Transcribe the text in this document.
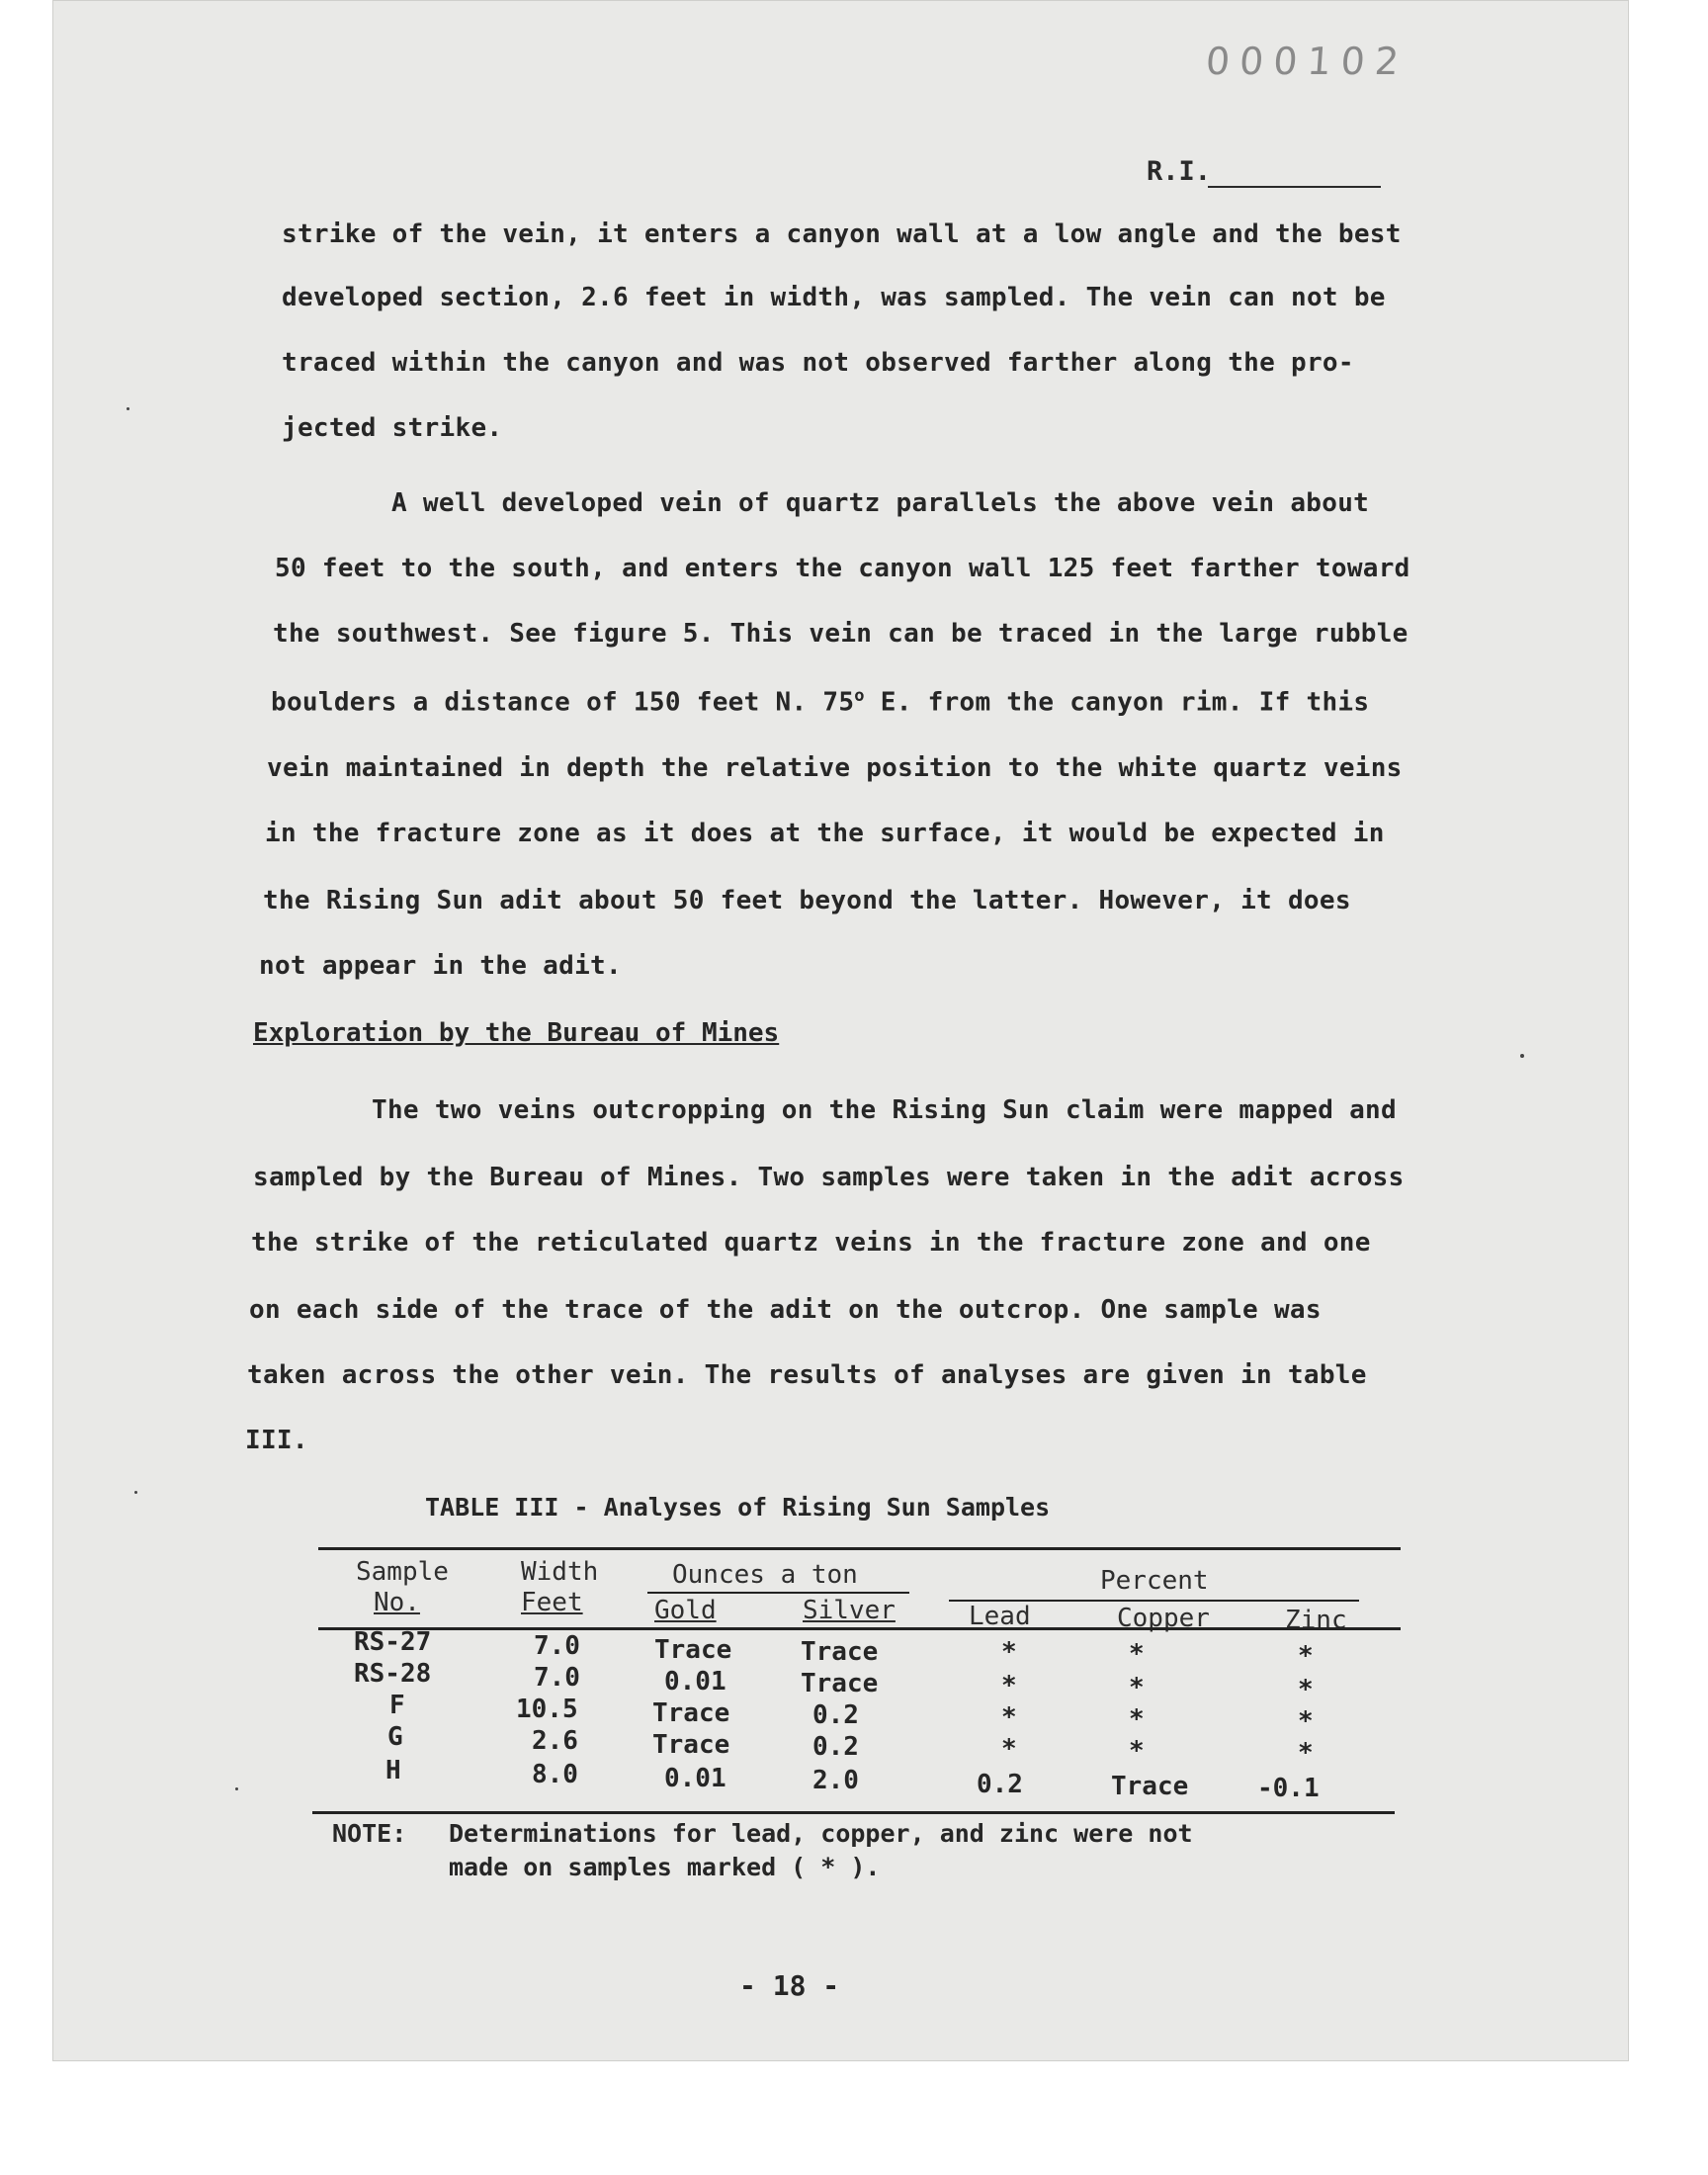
000102
R.I.
strike of the vein, it enters a canyon wall at a low angle and the best
developed section, 2.6 feet in width, was sampled. The vein can not be
traced within the canyon and was not observed farther along the pro-
jected strike.
A well developed vein of quartz parallels the above vein about
50 feet to the south, and enters the canyon wall 125 feet farther toward
the southwest. See figure 5. This vein can be traced in the large rubble
boulders a distance of 150 feet N. 75$^o$ E. from the canyon rim. If this
vein maintained in depth the relative position to the white quartz veins
in the fracture zone as it does at the surface, it would be expected in
the Rising Sun adit about 50 feet beyond the latter. However, it does
not appear in the adit.
Exploration by the Bureau of Mines
The two veins outcropping on the Rising Sun claim were mapped and
sampled by the Bureau of Mines. Two samples were taken in the adit across
the strike of the reticulated quartz veins in the fracture zone and one
on each side of the trace of the adit on the outcrop. One sample was
taken across the other vein. The results of analyses are given in table
III.
TABLE III - Analyses of Rising Sun Samples
Sample
No.
Width
Feet
Ounces a ton
Gold	Silver
Percent
Lead	Copper	Zinc
RS-27	7.0	Trace	Trace	*	*	*
RS-28	7.0	0.01	Trace	*	*	*
F	10.5	Trace	0.2	*	*	*
G	2.6	Trace	0.2	*	*	*
H	8.0	0.01	2.0	0.2	Trace	-0.1
NOTE: Determinations for lead, copper, and zinc were not
made on samples marked ( * ).
- 18 -
